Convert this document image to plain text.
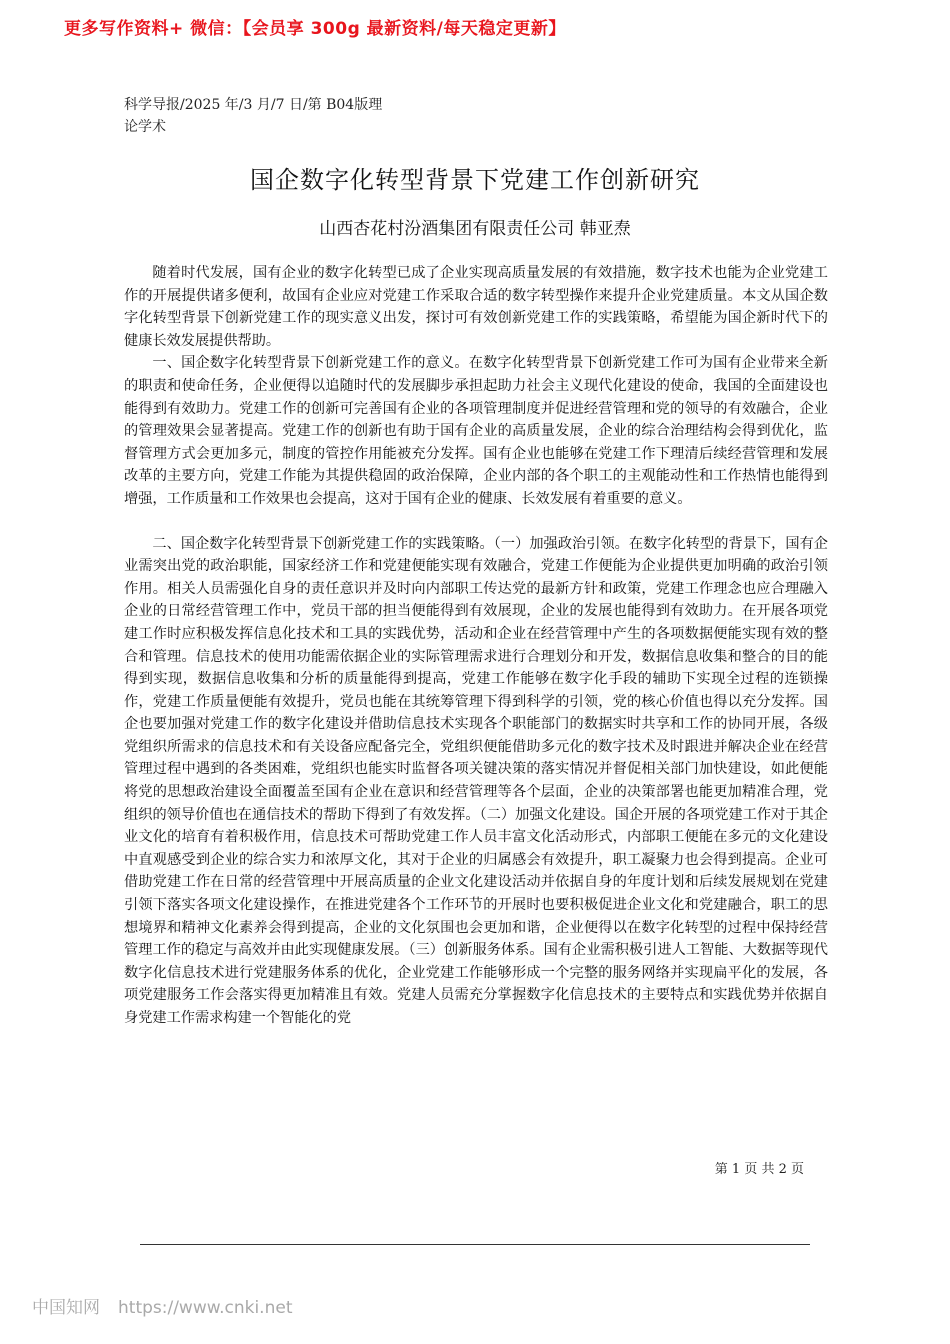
更多写作资料+ 微信：【会员享 300g 最新资料/每天稳定更新】
科学导报/2025 年/3 月/7 日/第 B04版理论学术
国企数字化转型背景下党建工作创新研究
山西杏花村汾酒集团有限责任公司 韩亚焘

随着时代发展，国有企业的数字化转型已成了企业实现高质量发展的有效措施，数字技术也能为企业党建工作的开展提供诸多便利，故国有企业应对党建工作采取合适的数字转型操作来提升企业党建质量。本文从国企数字化转型背景下创新党建工作的现实意义出发，探讨可有效创新党建工作的实践策略，希望能为国企新时代下的健康长效发展提供帮助。

一、国企数字化转型背景下创新党建工作的意义。在数字化转型背景下创新党建工作可为国有企业带来全新的职责和使命任务，企业便得以追随时代的发展脚步承担起助力社会主义现代化建设的使命，我国的全面建设也能得到有效助力。党建工作的创新可完善国有企业的各项管理制度并促进经营管理和党的领导的有效融合，企业的管理效果会显著提高。党建工作的创新也有助于国有企业的高质量发展，企业的综合治理结构会得到优化，监督管理方式会更加多元，制度的管控作用能被充分发挥。国有企业也能够在党建工作下理清后续经营管理和发展改革的主要方向，党建工作能为其提供稳固的政治保障，企业内部的各个职工的主观能动性和工作热情也能得到增强，工作质量和工作效果也会提高，这对于国有企业的健康、长效发展有着重要的意义。

二、国企数字化转型背景下创新党建工作的实践策略。（一）加强政治引领。在数字化转型的背景下，国有企业需突出党的政治职能，国家经济工作和党建便能实现有效融合，党建工作便能为企业提供更加明确的政治引领作用。相关人员需强化自身的责任意识并及时向内部职工传达党的最新方针和政策，党建工作理念也应合理融入企业的日常经营管理工作中，党员干部的担当便能得到有效展现，企业的发展也能得到有效助力。在开展各项党建工作时应积极发挥信息化技术和工具的实践优势，活动和企业在经营管理中产生的各项数据便能实现有效的整合和管理。信息技术的使用功能需依据企业的实际管理需求进行合理划分和开发，数据信息收集和整合的目的能得到实现，数据信息收集和分析的质量能得到提高，党建工作能够在数字化手段的辅助下实现全过程的连锁操作，党建工作质量便能有效提升，党员也能在其统筹管理下得到科学的引领，党的核心价值也得以充分发挥。国企也要加强对党建工作的数字化建设并借助信息技术实现各个职能部门的数据实时共享和工作的协同开展，各级党组织所需求的信息技术和有关设备应配备完全，党组织便能借助多元化的数字技术及时跟进并解决企业在经营管理过程中遇到的各类困难，党组织也能实时监督各项关键决策的落实情况并督促相关部门加快建设，如此便能将党的思想政治建设全面覆盖至国有企业在意识和经营管理等各个层面，企业的决策部署也能更加精准合理，党组织的领导价值也在通信技术的帮助下得到了有效发挥。（二）加强文化建设。国企开展的各项党建工作对于其企业文化的培育有着积极作用，信息技术可帮助党建工作人员丰富文化活动形式，内部职工便能在多元的文化建设中直观感受到企业的综合实力和浓厚文化，其对于企业的归属感会有效提升，职工凝聚力也会得到提高。企业可借助党建工作在日常的经营管理中开展高质量的企业文化建设活动并依据自身的年度计划和后续发展规划在党建引领下落实各项文化建设操作，在推进党建各个工作环节的开展时也要积极促进企业文化和党建融合，职工的思想境界和精神文化素养会得到提高，企业的文化氛围也会更加和谐，企业便得以在数字化转型的过程中保持经营管理工作的稳定与高效并由此实现健康发展。（三）创新服务体系。国有企业需积极引进人工智能、大数据等现代数字化信息技术进行党建服务体系的优化，企业党建工作能够形成一个完整的服务网络并实现扁平化的发展，各项党建服务工作会落实得更加精准且有效。党建人员需充分掌握数字化信息技术的主要特点和实践优势并依据自身党建工作需求构建一个智能化的党

第 1 页 共 2 页
中国知网 https://www.cnki.net
